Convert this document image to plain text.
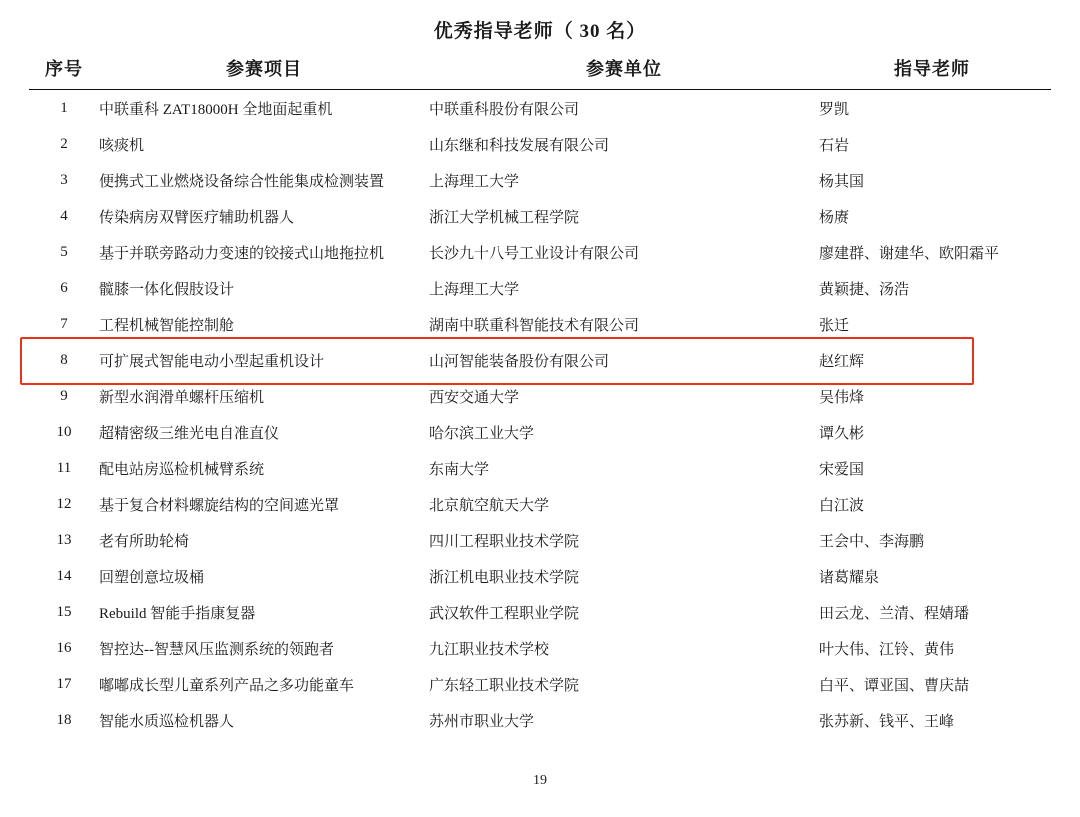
优秀指导老师（ 30 名）
序号	参赛项目	参赛单位	指导老师
1	中联重科 ZAT18000H 全地面起重机	中联重科股份有限公司	罗凯
2	咳痰机	山东继和科技发展有限公司	石岩
3	便携式工业燃烧设备综合性能集成检测装置	上海理工大学	杨其国
4	传染病房双臂医疗辅助机器人	浙江大学机械工程学院	杨赓
5	基于并联旁路动力变速的铰接式山地拖拉机	长沙九十八号工业设计有限公司	廖建群、谢建华、欧阳霜平
6	髋膝一体化假肢设计	上海理工大学	黄颖捷、汤浩
7	工程机械智能控制舱	湖南中联重科智能技术有限公司	张迁
8	可扩展式智能电动小型起重机设计	山河智能装备股份有限公司	赵红辉
9	新型水润滑单螺杆压缩机	西安交通大学	吴伟烽
10	超精密级三维光电自准直仪	哈尔滨工业大学	谭久彬
11	配电站房巡检机械臂系统	东南大学	宋爱国
12	基于复合材料螺旋结构的空间遮光罩	北京航空航天大学	白江波
13	老有所助轮椅	四川工程职业技术学院	王会中、李海鹏
14	回塑创意垃圾桶	浙江机电职业技术学院	诸葛耀泉
15	Rebuild 智能手指康复器	武汉软件工程职业学院	田云龙、兰清、程婧璠
16	智控达--智慧风压监测系统的领跑者	九江职业技术学校	叶大伟、江铃、黄伟
17	嘟嘟成长型儿童系列产品之多功能童车	广东轻工职业技术学院	白平、谭亚国、曹庆喆
18	智能水质巡检机器人	苏州市职业大学	张苏新、钱平、王峰
19
